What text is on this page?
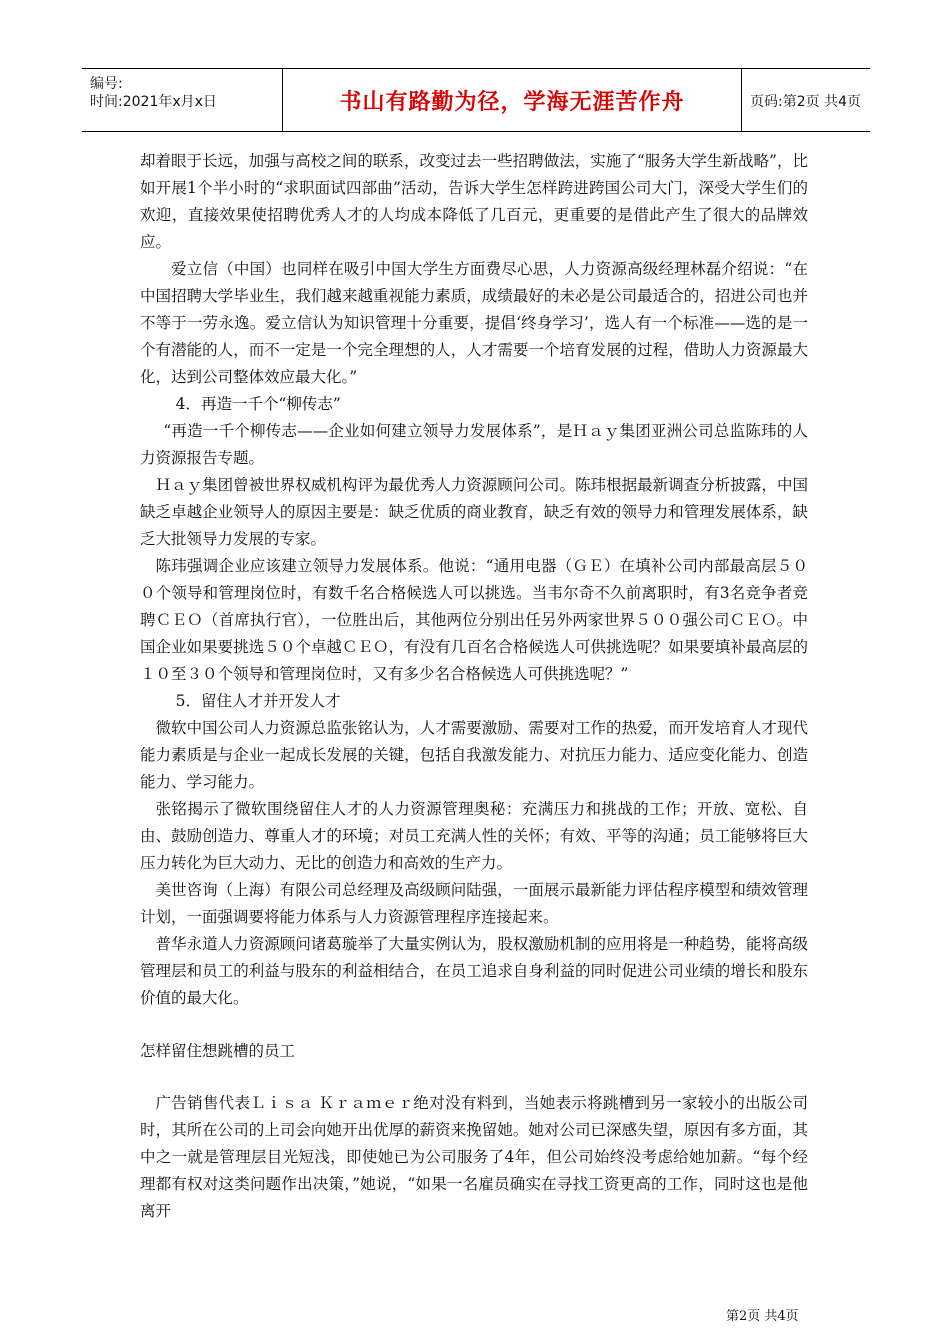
编号:
时间:2021年x月x日	书山有路勤为径，学海无涯苦作舟	页码:第2页 共4页

却着眼于长远，加强与高校之间的联系，改变过去一些招聘做法，实施了“服务大学生新战略”，比如开展1个半小时的“求职面试四部曲”活动，告诉大学生怎样跨进跨国公司大门，深受大学生们的欢迎，直接效果使招聘优秀人才的人均成本降低了几百元，更重要的是借此产生了很大的品牌效应。

爱立信（中国）也同样在吸引中国大学生方面费尽心思，人力资源高级经理林磊介绍说：“在中国招聘大学毕业生，我们越来越重视能力素质，成绩最好的未必是公司最适合的，招进公司也并不等于一劳永逸。爱立信认为知识管理十分重要，提倡‘终身学习’，选人有一个标准——选的是一个有潜能的人，而不一定是一个完全理想的人，人才需要一个培育发展的过程，借助人力资源最大化，达到公司整体效应最大化。”

4．再造一千个“柳传志”

“再造一千个柳传志——企业如何建立领导力发展体系”，是Ｈａｙ集团亚洲公司总监陈玮的人力资源报告专题。

Ｈａｙ集团曾被世界权威机构评为最优秀人力资源顾问公司。陈玮根据最新调查分析披露，中国缺乏卓越企业领导人的原因主要是：缺乏优质的商业教育，缺乏有效的领导力和管理发展体系，缺乏大批领导力发展的专家。

陈玮强调企业应该建立领导力发展体系。他说：“通用电器（ＧＥ）在填补公司内部最高层５００个领导和管理岗位时，有数千名合格候选人可以挑选。当韦尔奇不久前离职时，有3名竞争者竞聘ＣＥＯ（首席执行官），一位胜出后，其他两位分别出任另外两家世界５００强公司ＣＥＯ。中国企业如果要挑选５０个卓越ＣＥＯ，有没有几百名合格候选人可供挑选呢？如果要填补最高层的１０至３０个领导和管理岗位时，又有多少名合格候选人可供挑选呢？”

5．留住人才并开发人才

微软中国公司人力资源总监张铭认为，人才需要激励、需要对工作的热爱，而开发培育人才现代能力素质是与企业一起成长发展的关键，包括自我激发能力、对抗压力能力、适应变化能力、创造能力、学习能力。

张铭揭示了微软围绕留住人才的人力资源管理奥秘：充满压力和挑战的工作；开放、宽松、自由、鼓励创造力、尊重人才的环境；对员工充满人性的关怀；有效、平等的沟通；员工能够将巨大压力转化为巨大动力、无比的创造力和高效的生产力。

美世咨询（上海）有限公司总经理及高级顾问陆强，一面展示最新能力评估程序模型和绩效管理计划，一面强调要将能力体系与人力资源管理程序连接起来。

普华永道人力资源顾问诸葛璇举了大量实例认为，股权激励机制的应用将是一种趋势，能将高级管理层和员工的利益与股东的利益相结合，在员工追求自身利益的同时促进公司业绩的增长和股东价值的最大化。

怎样留住想跳槽的员工

广告销售代表Ｌｉｓａ Ｋｒａｍｅｒ绝对没有料到，当她表示将跳槽到另一家较小的出版公司时，其所在公司的上司会向她开出优厚的薪资来挽留她。她对公司已深感失望，原因有多方面，其中之一就是管理层目光短浅，即使她已为公司服务了4年，但公司始终没考虑给她加薪。“每个经理都有权对这类问题作出决策，”她说，“如果一名雇员确实在寻找工资更高的工作，同时这也是他离开

第2页 共4页
